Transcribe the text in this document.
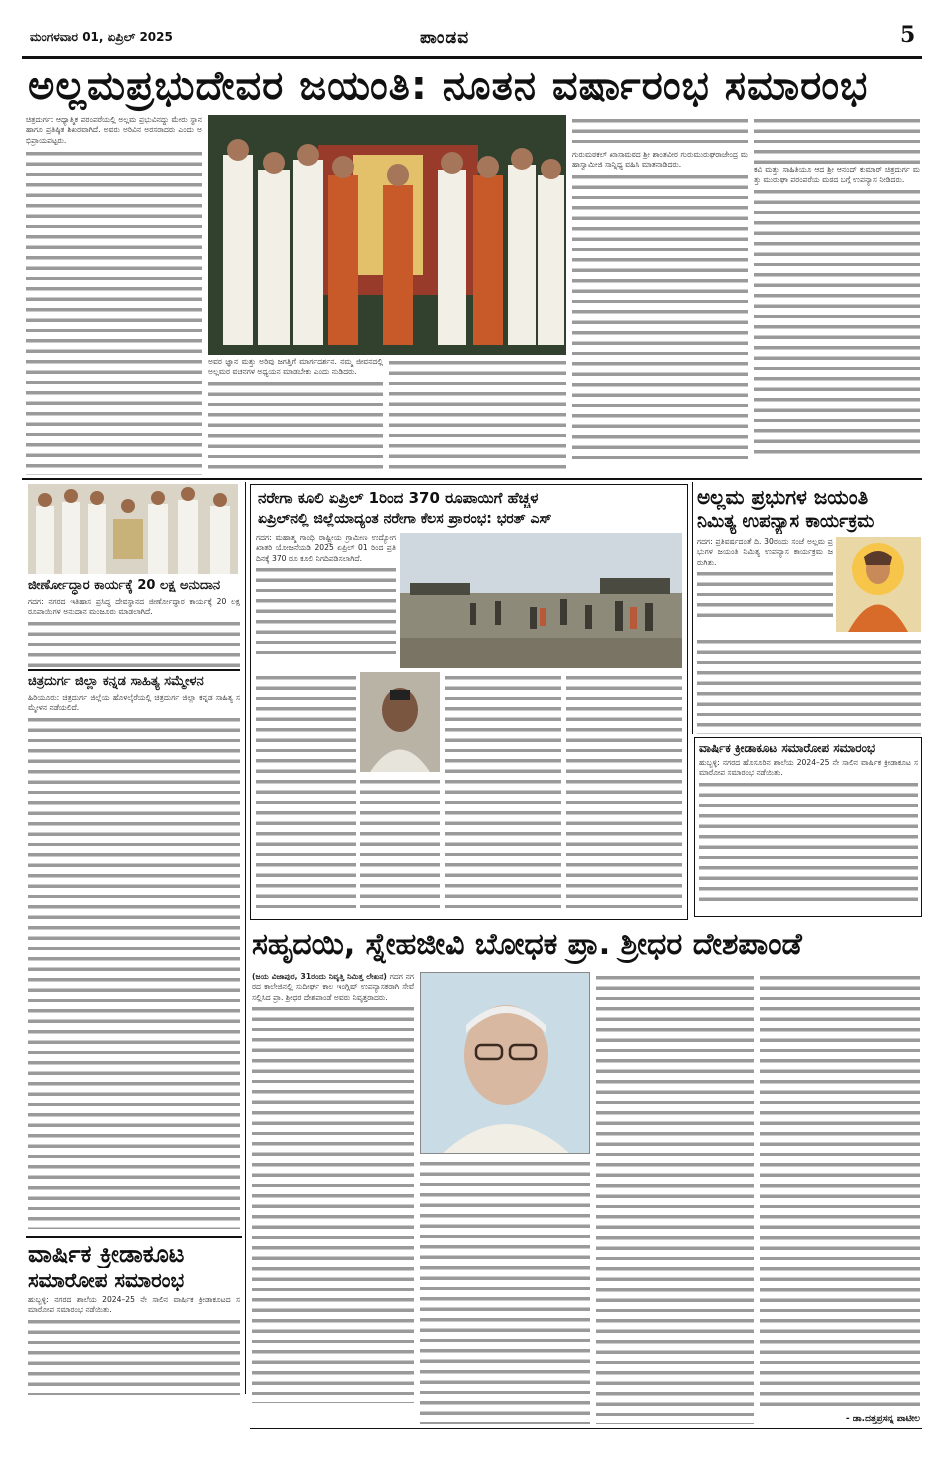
ಮಂಗಳವಾರ 01, ಏಪ್ರಿಲ್ 2025	ಪಾಂಡವ	5
ಅಲ್ಲಮಪ್ರಭುದೇವರ ಜಯಂತಿ: ನೂತನ ವರ್ಷಾರಂಭ ಸಮಾರಂಭ
ಚಿತ್ರದುರ್ಗ: ಆಧ್ಯಾತ್ಮಿಕ ಪರಂಪರೆಯಲ್ಲಿ ಅಲ್ಲಮ ಪ್ರಭುವಿನದ್ದು ಮೇರು ಸ್ಥಾನ ಹಾಗೂ ಪ್ರತಿಷ್ಠಿತ ಶಿಖರವಾಗಿದೆ. ಅವರು ಅರಿವಿನ ಅರಸರಾದರು ಎಂದು ಅಭಿಪ್ರಾಯಪಟ್ಟರು.
ಅವರ ಜ್ಞಾನ ಮತ್ತು ಅರಿವು ಜಗತ್ತಿಗೆ ಮಾರ್ಗದರ್ಶನ. ನಮ್ಮ ಜೀವನದಲ್ಲಿ ಅಲ್ಲಮರ ವಚನಗಳ ಅಧ್ಯಯನ ಮಾಡಬೇಕು ಎಂದು ನುಡಿದರು.
ಗುರುಮಠಕಲ್ ಖಾಸಾಮಠದ ಶ್ರೀ ಶಾಂತವೀರ ಗುರುಮುರುಘರಾಜೇಂದ್ರ ಮಹಾಸ್ವಾಮೀಜಿ ಸಾನ್ನಿಧ್ಯ ವಹಿಸಿ ಮಾತನಾಡಿದರು.
ಕವಿ ಮತ್ತು ಸಾಹಿತಿಯೂ ಆದ ಶ್ರೀ ಆನಂದ್ ಕುಮಾರ್ ಚಿತ್ರದುರ್ಗ ಮತ್ತು ಮುರುಘಾ ಪರಂಪರೆಯ ಮಠದ ಬಗ್ಗೆ ಉಪನ್ಯಾಸ ನೀಡಿದರು.
ಜೀರ್ಣೋದ್ಧಾರ ಕಾರ್ಯಕ್ಕೆ 20 ಲಕ್ಷ ಅನುದಾನ
ಗದಗ: ನಗರದ ಇತಿಹಾಸ ಪ್ರಸಿದ್ಧ ದೇವಸ್ಥಾನದ ಜೀರ್ಣೋದ್ಧಾರ ಕಾರ್ಯಕ್ಕೆ 20 ಲಕ್ಷ ರೂಪಾಯಿಗಳ ಅನುದಾನ ಮಂಜೂರು ಮಾಡಲಾಗಿದೆ.
ಚಿತ್ರದುರ್ಗ ಜಿಲ್ಲಾ ಕನ್ನಡ ಸಾಹಿತ್ಯ ಸಮ್ಮೇಳನ
ಹಿರಿಯೂರು: ಚಿತ್ರದುರ್ಗ ಜಿಲ್ಲೆಯ ಹೊಳಲ್ಕೆರೆಯಲ್ಲಿ ಚಿತ್ರದುರ್ಗ ಜಿಲ್ಲಾ ಕನ್ನಡ ಸಾಹಿತ್ಯ ಸಮ್ಮೇಳನ ನಡೆಯಲಿದೆ.
ವಾರ್ಷಿಕ ಕ್ರೀಡಾಕೂಟ
ಸಮಾರೋಪ ಸಮಾರಂಭ
ಹುಬ್ಬಳ್ಳಿ: ನಗರದ ಶಾಲೆಯ 2024–25 ನೇ ಸಾಲಿನ ವಾರ್ಷಿಕ ಕ್ರೀಡಾಕೂಟದ ಸಮಾರೋಪ ಸಮಾರಂಭ ನಡೆಯಿತು.
ನರೇಗಾ ಕೂಲಿ ಏಪ್ರಿಲ್ 1ರಿಂದ 370 ರೂಪಾಯಿಗೆ ಹೆಚ್ಚಳ
ಏಪ್ರಿಲ್‌ನಲ್ಲಿ ಜಿಲ್ಲೆಯಾದ್ಯಂತ ನರೇಗಾ ಕೆಲಸ ಪ್ರಾರಂಭ: ಭರತ್ ಎಸ್
ಗದಗ: ಮಹಾತ್ಮ ಗಾಂಧಿ ರಾಷ್ಟ್ರೀಯ ಗ್ರಾಮೀಣ ಉದ್ಯೋಗ ಖಾತರಿ ಯೋಜನೆಯಡಿ 2025 ಏಪ್ರಿಲ್ 01 ರಿಂದ ಪ್ರತಿ ದಿನಕ್ಕೆ 370 ರೂ ಕೂಲಿ ನಿಗದಿಪಡಿಸಲಾಗಿದೆ.
ಅಲ್ಲಮ ಪ್ರಭುಗಳ ಜಯಂತಿ
ನಿಮಿತ್ಯ ಉಪನ್ಯಾಸ ಕಾರ್ಯಕ್ರಮ
ಗದಗ: ಪ್ರತಿವರ್ಷದಂತೆ ದಿ. 30ರಂದು ಸಂಜೆ ಅಲ್ಲಮ ಪ್ರಭುಗಳ ಜಯಂತಿ ನಿಮಿತ್ಯ ಉಪನ್ಯಾಸ ಕಾರ್ಯಕ್ರಮ ಜರುಗಿತು.
ವಾರ್ಷಿಕ ಕ್ರೀಡಾಕೂಟ ಸಮಾರೋಪ ಸಮಾರಂಭ
ಹುಬ್ಬಳ್ಳಿ: ನಗರದ ಹೊಸೂರಿನ ಶಾಲೆಯ 2024–25 ನೇ ಸಾಲಿನ ವಾರ್ಷಿಕ ಕ್ರೀಡಾಕೂಟ ಸಮಾರೋಪ ಸಮಾರಂಭ ನಡೆಯಿತು.
ಸಹೃದಯಿ, ಸ್ನೇಹಜೀವಿ ಬೋಧಕ ಪ್ರಾ. ಶ್ರೀಧರ ದೇಶಪಾಂಡೆ
(ಜಯ ವಿಜಾಪುರ, 31ರಂದು ನಿವೃತ್ತಿ ನಿಮಿತ್ತ ಲೇಖನ) ಗದಗ ನಗರದ ಕಾಲೇಜಿನಲ್ಲಿ ಸುದೀರ್ಘ ಕಾಲ ಇಂಗ್ಲಿಷ್ ಉಪನ್ಯಾಸಕರಾಗಿ ಸೇವೆ ಸಲ್ಲಿಸಿದ ಪ್ರಾ. ಶ್ರೀಧರ ದೇಶಪಾಂಡೆ ಅವರು ನಿವೃತ್ತರಾದರು.
- ಡಾ.ದತ್ತಪ್ರಸನ್ನ ಪಾಟೀಲ
